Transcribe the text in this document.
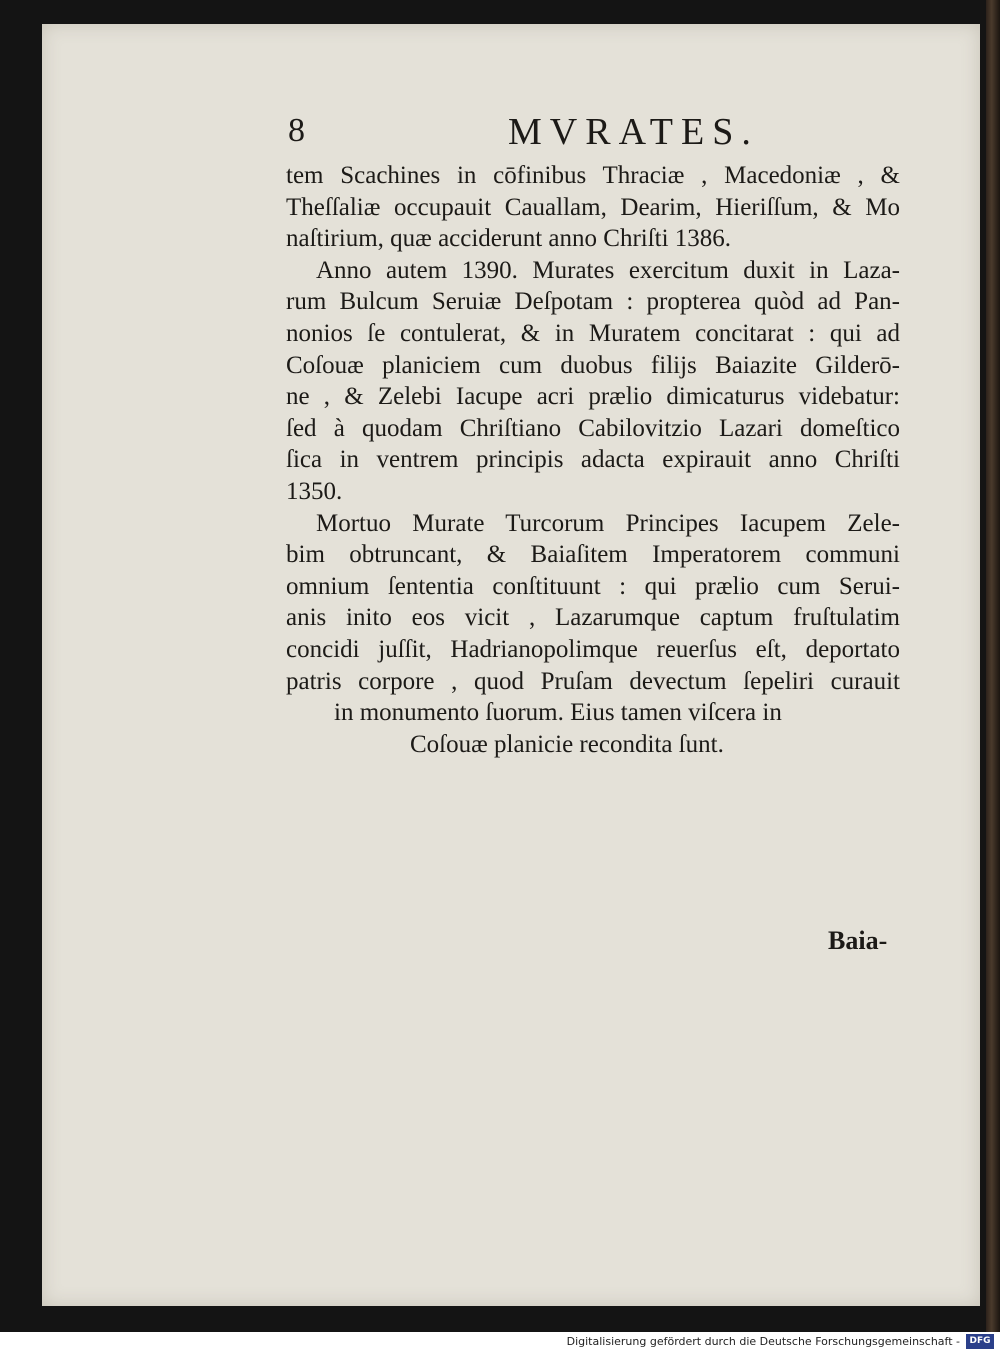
8	MVRATES.
tem Scachines in cōfinibus Thraciæ , Macedoniæ , &
Theſſaliæ occupauit Cauallam, Dearim, Hieriſſum, & Mo
naſtirium, quæ acciderunt anno Chriſti 1386.
Anno autem 1390. Murates exercitum duxit in Laza-
rum Bulcum Seruiæ Deſpotam : propterea quòd ad Pan-
nonios ſe contulerat, & in Muratem concitarat : qui ad
Coſouæ planiciem cum duobus filijs Baiazite Gilderō-
ne , & Zelebi Iacupe acri prælio dimicaturus videbatur:
ſed à quodam Chriſtiano Cabilovitzio Lazari domeſtico
ſica in ventrem principis adacta expirauit anno Chriſti
1350.
Mortuo Murate Turcorum Principes Iacupem Zele-
bim obtruncant, & Baiaſitem Imperatorem communi
omnium ſententia conſtituunt : qui prælio cum Serui-
anis inito eos vicit , Lazarumque captum fruſtulatim
concidi juſſit, Hadrianopolimque reuerſus eſt, deportato
patris corpore , quod Pruſam devectum ſepeliri curauit
in monumento ſuorum. Eius tamen viſcera in
Coſouæ planicie recondita ſunt.
Baia-
Digitalisierung gefördert durch die Deutsche Forschungsgemeinschaft -	DFG
